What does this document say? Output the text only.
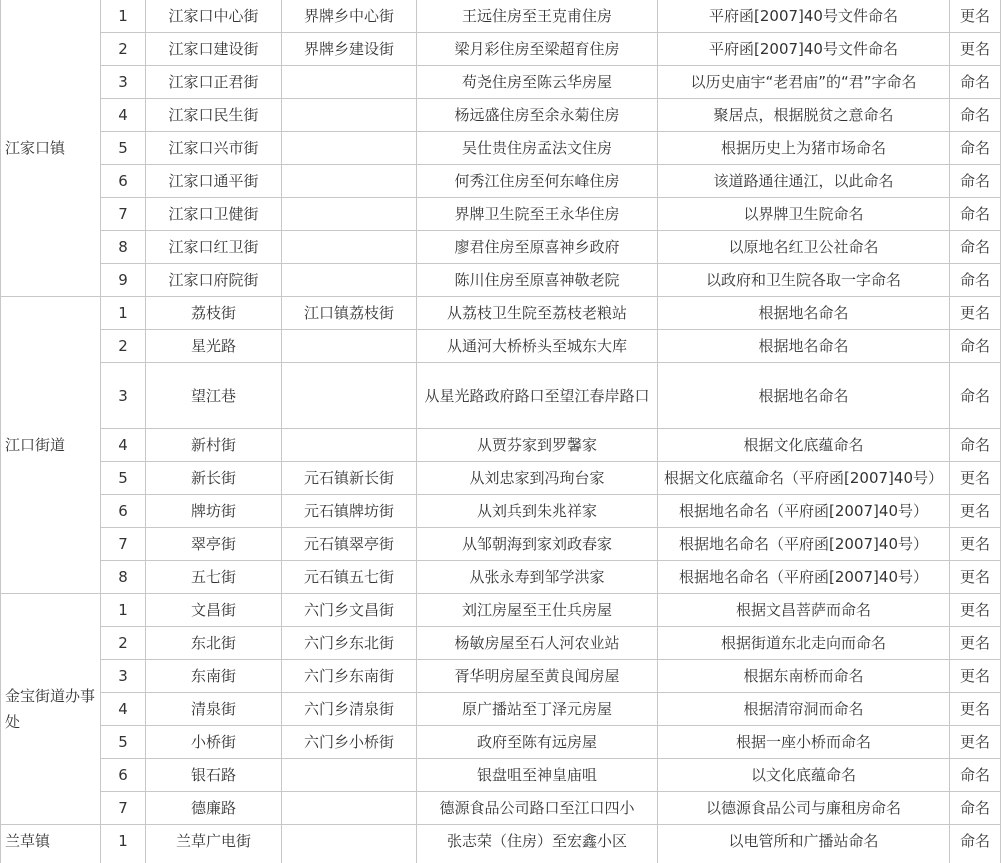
江家口镇	1	江家口中心街	界牌乡中心街	王远住房至王克甫住房	平府函[2007]40号文件命名	更名
	2	江家口建设街	界牌乡建设街	梁月彩住房至梁超育住房	平府函[2007]40号文件命名	更名
	3	江家口正君街		苟尧住房至陈云华房屋	以历史庙宇“老君庙”的“君”字命名	命名
	4	江家口民生街		杨远盛住房至余永菊住房	聚居点，根据脱贫之意命名	命名
	5	江家口兴市街		吴仕贵住房孟法文住房	根据历史上为猪市场命名	命名
	6	江家口通平街		何秀江住房至何东峰住房	该道路通往通江，以此命名	命名
	7	江家口卫健街		界牌卫生院至王永华住房	以界牌卫生院命名	命名
	8	江家口红卫街		廖君住房至原喜神乡政府	以原地名红卫公社命名	命名
	9	江家口府院街		陈川住房至原喜神敬老院	以政府和卫生院各取一字命名	命名
江口街道	1	荔枝街	江口镇荔枝街	从荔枝卫生院至荔枝老粮站	根据地名命名	更名
	2	星光路		从通河大桥桥头至城东大库	根据地名命名	命名
	3	望江巷		从星光路政府路口至望江春岸路口	根据地名命名	命名
	4	新村街		从贾芬家到罗馨家	根据文化底蕴命名	命名
	5	新长街	元石镇新长街	从刘忠家到冯珣台家	根据文化底蕴命名（平府函[2007]40号）	更名
	6	牌坊街	元石镇牌坊街	从刘兵到朱兆祥家	根据地名命名（平府函[2007]40号）	更名
	7	翠亭街	元石镇翠亭街	从邹朝海到家刘政春家	根据地名命名（平府函[2007]40号）	更名
	8	五七街	元石镇五七街	从张永寿到邹学洪家	根据地名命名（平府函[2007]40号）	更名
金宝街道办事处	1	文昌街	六门乡文昌街	刘江房屋至王仕兵房屋	根据文昌菩萨而命名	更名
	2	东北街	六门乡东北街	杨敏房屋至石人河农业站	根据街道东北走向而命名	更名
	3	东南街	六门乡东南街	胥华明房屋至黄良闻房屋	根据东南桥而命名	更名
	4	清泉街	六门乡清泉街	原广播站至丁泽元房屋	根据清帘洞而命名	更名
	5	小桥街	六门乡小桥街	政府至陈有远房屋	根据一座小桥而命名	更名
	6	银石路		银盘咀至神皇庙咀	以文化底蕴命名	命名
	7	德廉路		德源食品公司路口至江口四小	以德源食品公司与廉租房命名	命名
兰草镇	1	兰草广电街		张志荣（住房）至宏鑫小区	以电管所和广播站命名	命名
